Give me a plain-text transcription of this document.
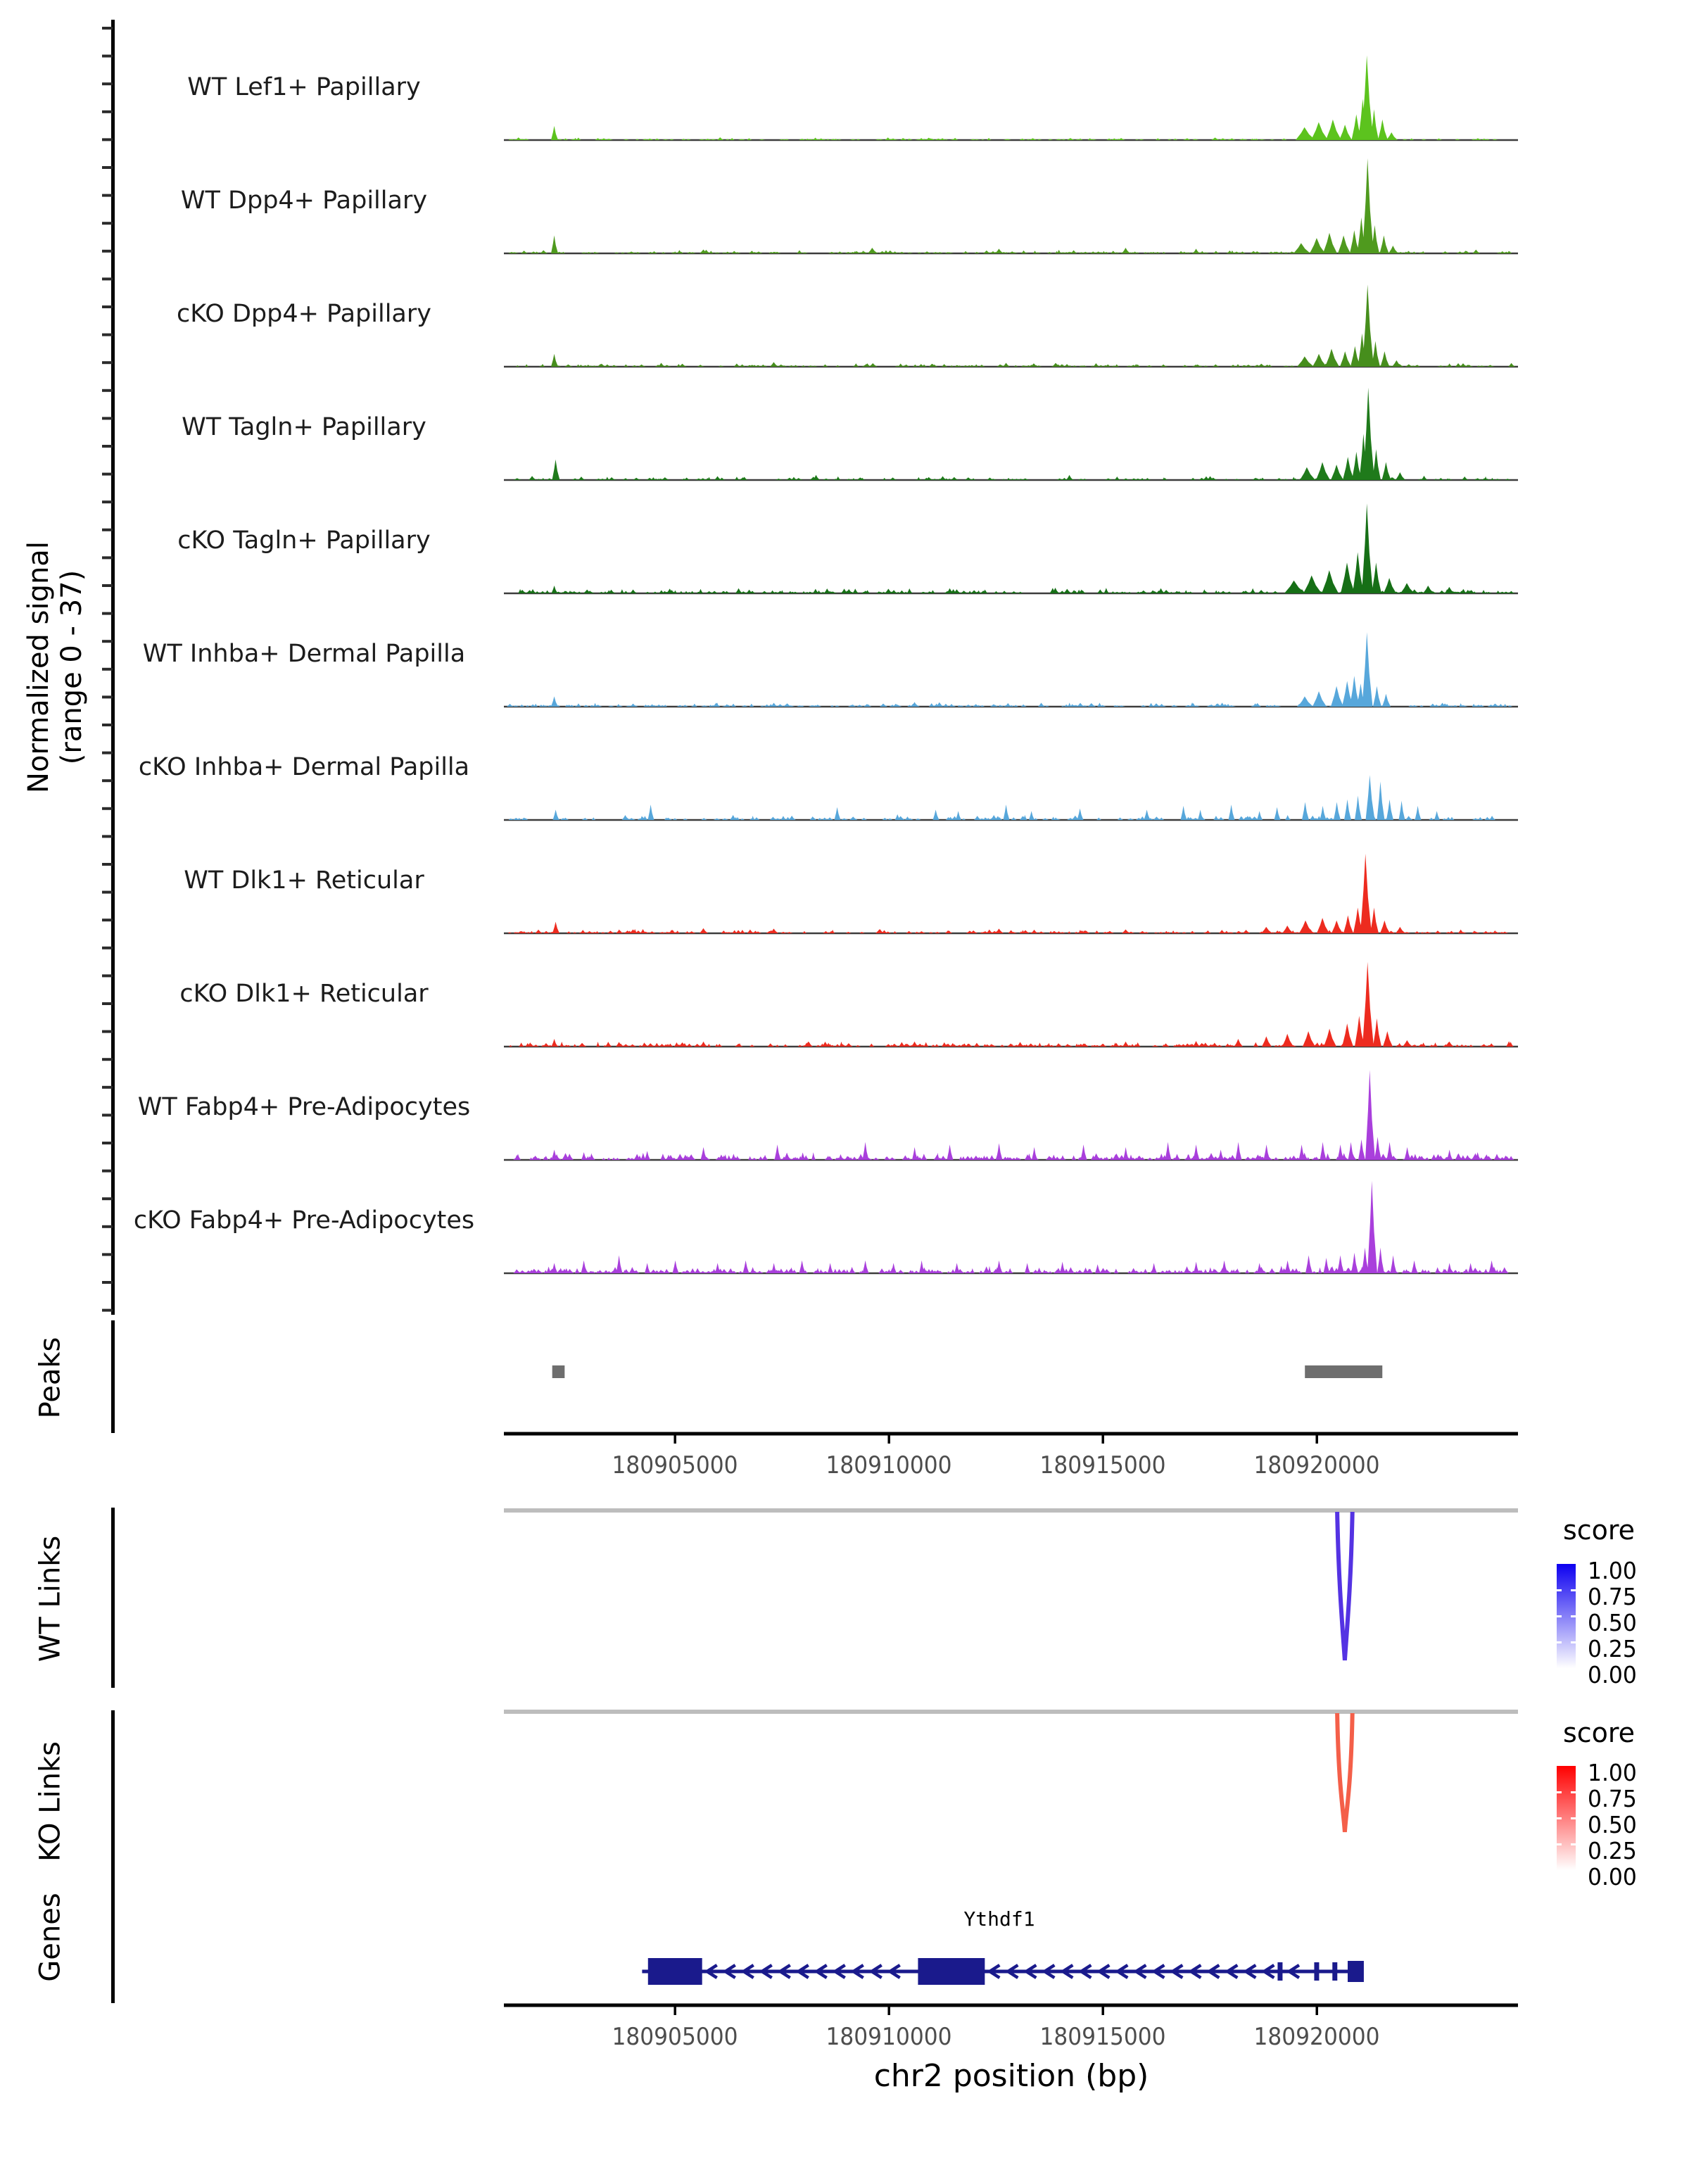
Normalized signal (range 0 - 37)
Peaks
WT Links
KO Links
Genes
WT Lef1+ Papillary
WT Dpp4+ Papillary
cKO Dpp4+ Papillary
WT Tagln+ Papillary
cKO Tagln+ Papillary
WT Inhba+ Dermal Papilla
cKO Inhba+ Dermal Papilla
WT Dlk1+ Reticular
cKO Dlk1+ Reticular
WT Fabp4+ Pre-Adipocytes
cKO Fabp4+ Pre-Adipocytes
180905000	180910000	180915000	180920000
180905000	180910000	180915000	180920000
chr2 position (bp)
score
1.00
0.75
0.50
0.25
0.00
score
1.00
0.75
0.50
0.25
0.00
Ythdf1
